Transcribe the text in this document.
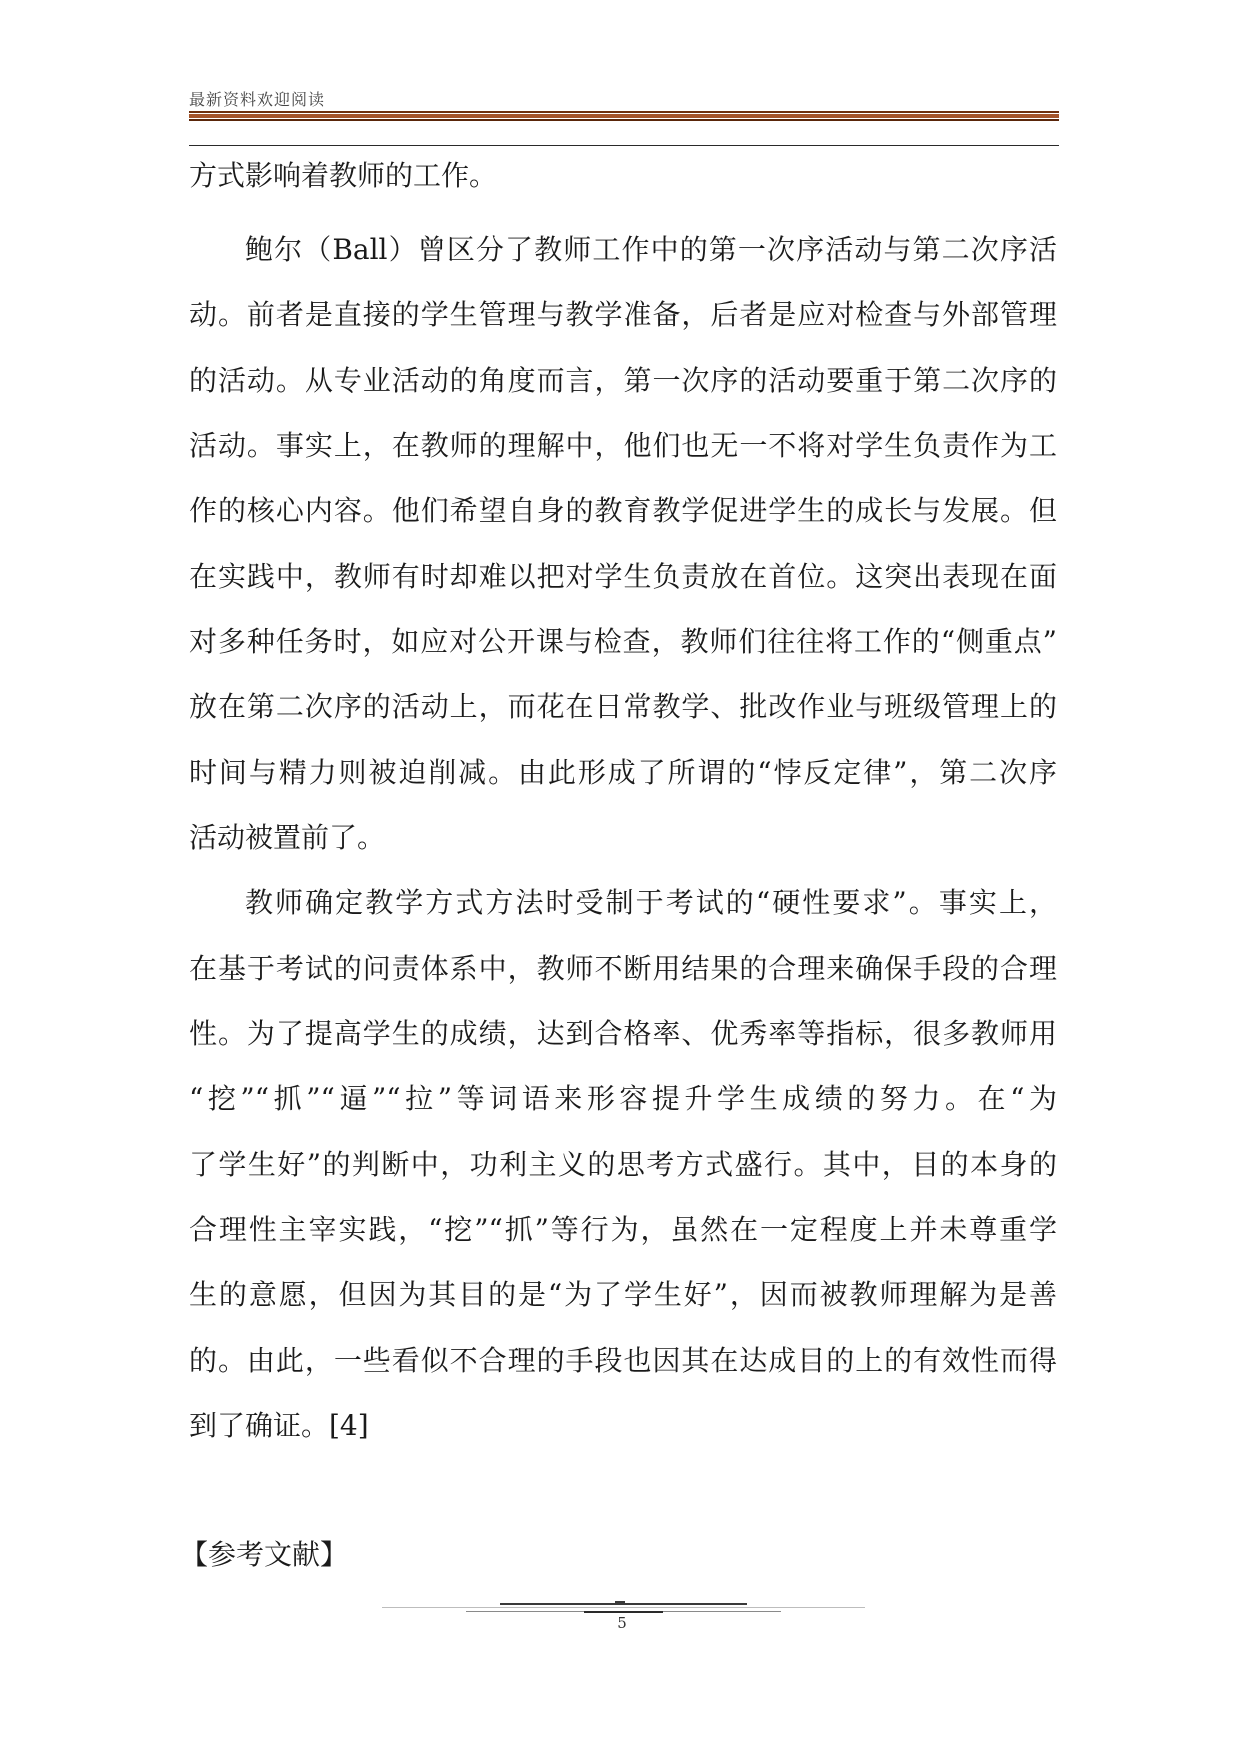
最新资料欢迎阅读
方式影响着教师的工作。
鲍尔（Ball）曾区分了教师工作中的第一次序活动与第二次序活
动。前者是直接的学生管理与教学准备，后者是应对检查与外部管理
的活动。从专业活动的角度而言，第一次序的活动要重于第二次序的
活动。事实上，在教师的理解中，他们也无一不将对学生负责作为工
作的核心内容。他们希望自身的教育教学促进学生的成长与发展。但
在实践中，教师有时却难以把对学生负责放在首位。这突出表现在面
对多种任务时，如应对公开课与检查，教师们往往将工作的“侧重点”
放在第二次序的活动上，而花在日常教学、批改作业与班级管理上的
时间与精力则被迫削减。由此形成了所谓的“悖反定律”，第二次序
活动被置前了。
教师确定教学方式方法时受制于考试的“硬性要求”。事实上，
在基于考试的问责体系中，教师不断用结果的合理来确保手段的合理
性。为了提高学生的成绩，达到合格率、优秀率等指标，很多教师用
“挖”“抓”“逼”“拉”等词语来形容提升学生成绩的努力。在“为
了学生好”的判断中，功利主义的思考方式盛行。其中，目的本身的
合理性主宰实践，“挖”“抓”等行为，虽然在一定程度上并未尊重学
生的意愿，但因为其目的是“为了学生好”，因而被教师理解为是善
的。由此，一些看似不合理的手段也因其在达成目的上的有效性而得
到了确证。[4]
【参考文献】
5
